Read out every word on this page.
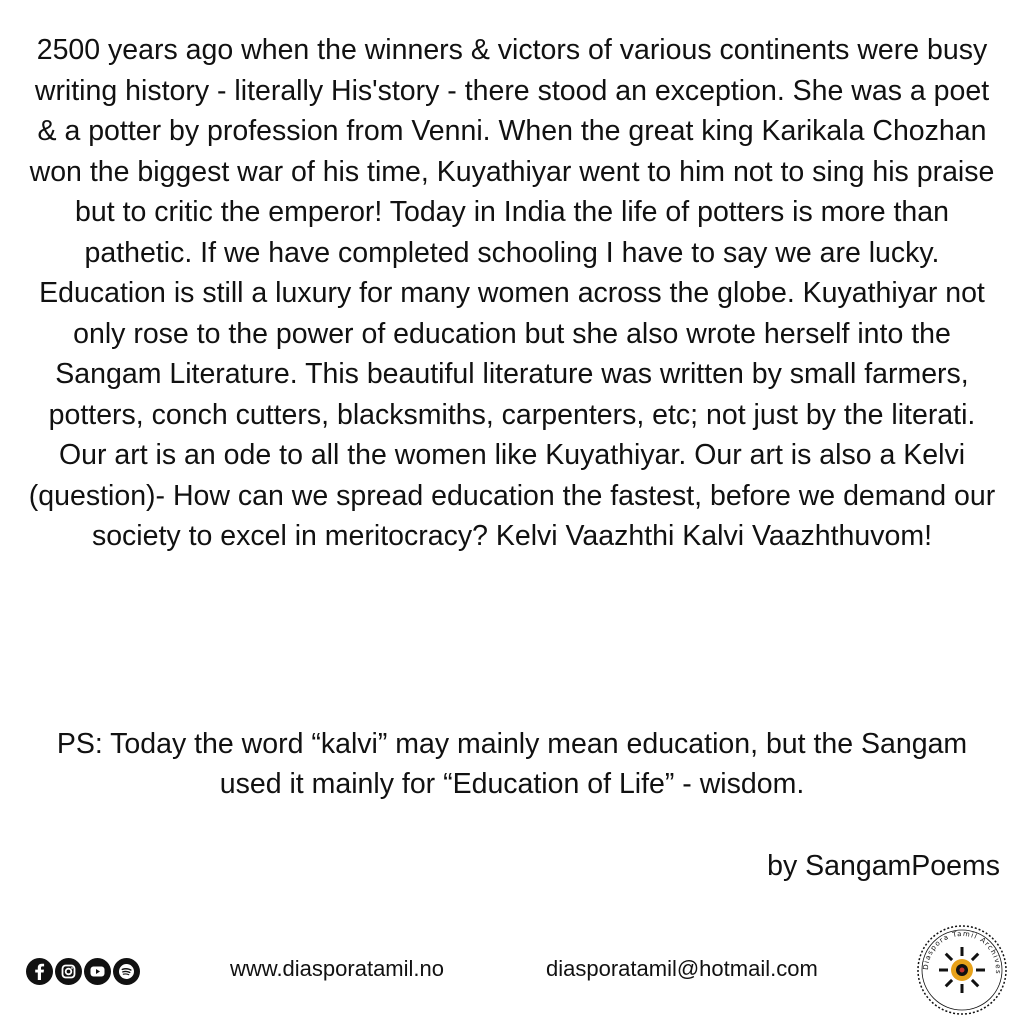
2500 years ago when the winners & victors of various continents were busy writing history - literally His'story - there stood an exception. She was a poet & a potter by profession from Venni. When the great king Karikala Chozhan won the biggest war of his time, Kuyathiyar went to him not to sing his praise but to critic the emperor! Today in India the life of potters is more than pathetic. If we have completed schooling I have to say we are lucky. Education is still a luxury for many women across the globe. Kuyathiyar not only rose to the power of education but she also wrote herself into the Sangam Literature. This beautiful literature was written by small farmers, potters, conch cutters, blacksmiths, carpenters, etc; not just by the literati. Our art is an ode to all the women like Kuyathiyar. Our art is also a Kelvi (question)- How can we spread education the fastest, before we demand our society to excel in meritocracy? Kelvi Vaazhthi Kalvi Vaazhthuvom!

PS: Today the word “kalvi” may mainly mean education, but the Sangam used it mainly for “Education of Life” - wisdom.

by SangamPoems
www.diasporatamil.no	diasporatamil@hotmail.com	Diaspora Tamil Archives
